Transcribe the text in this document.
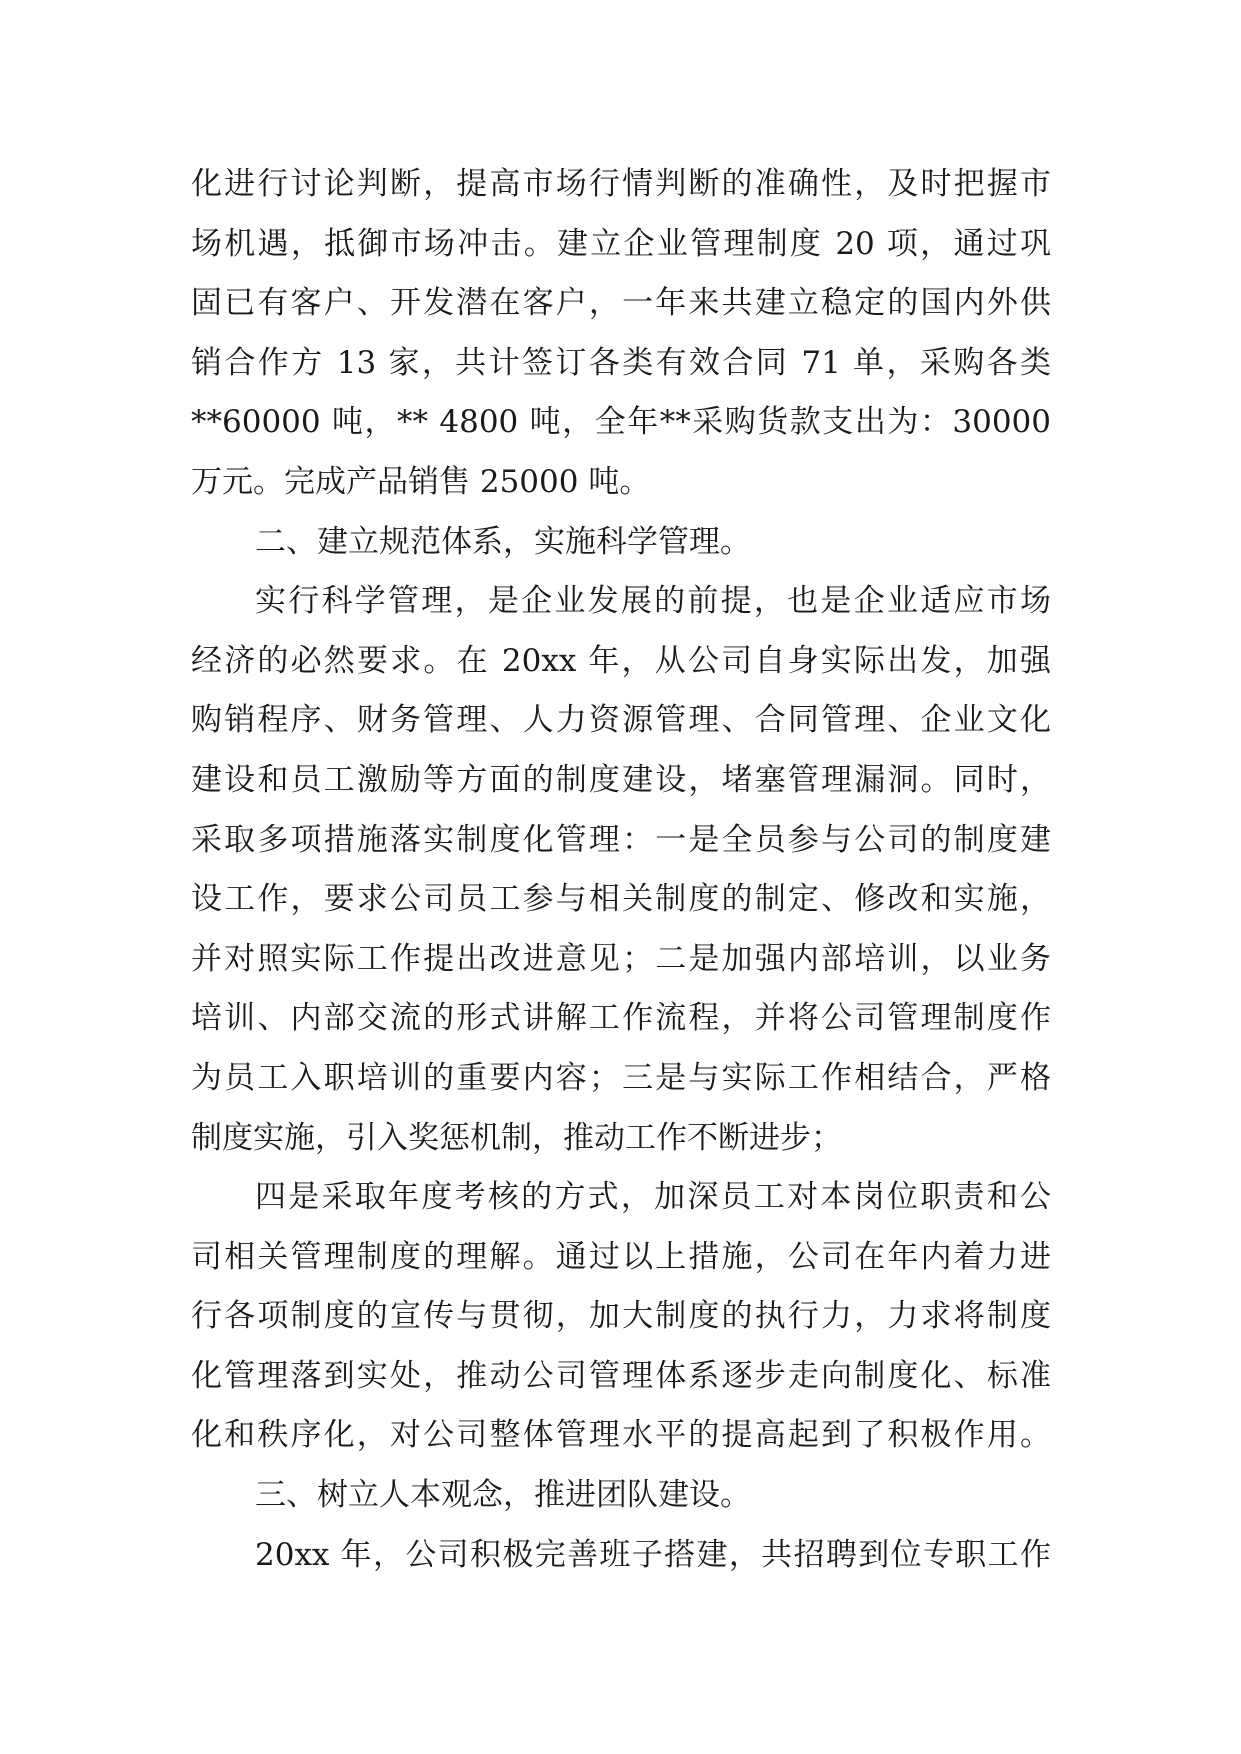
化进行讨论判断，提高市场行情判断的准确性，及时把握市
场机遇，抵御市场冲击。建立企业管理制度 20 项，通过巩
固已有客户、开发潜在客户，一年来共建立稳定的国内外供
销合作方 13 家，共计签订各类有效合同 71 单，采购各类
**60000 吨，** 4800 吨，全年**采购货款支出为：30000
万元。完成产品销售 25000 吨。
二、建立规范体系，实施科学管理。
实行科学管理，是企业发展的前提，也是企业适应市场
经济的必然要求。在 20xx 年，从公司自身实际出发，加强
购销程序、财务管理、人力资源管理、合同管理、企业文化
建设和员工激励等方面的制度建设，堵塞管理漏洞。同时，
采取多项措施落实制度化管理：一是全员参与公司的制度建
设工作，要求公司员工参与相关制度的制定、修改和实施，
并对照实际工作提出改进意见；二是加强内部培训，以业务
培训、内部交流的形式讲解工作流程，并将公司管理制度作
为员工入职培训的重要内容；三是与实际工作相结合，严格
制度实施，引入奖惩机制，推动工作不断进步；
四是采取年度考核的方式，加深员工对本岗位职责和公
司相关管理制度的理解。通过以上措施，公司在年内着力进
行各项制度的宣传与贯彻，加大制度的执行力，力求将制度
化管理落到实处，推动公司管理体系逐步走向制度化、标准
化和秩序化，对公司整体管理水平的提高起到了积极作用。
三、树立人本观念，推进团队建设。
20xx 年，公司积极完善班子搭建，共招聘到位专职工作
